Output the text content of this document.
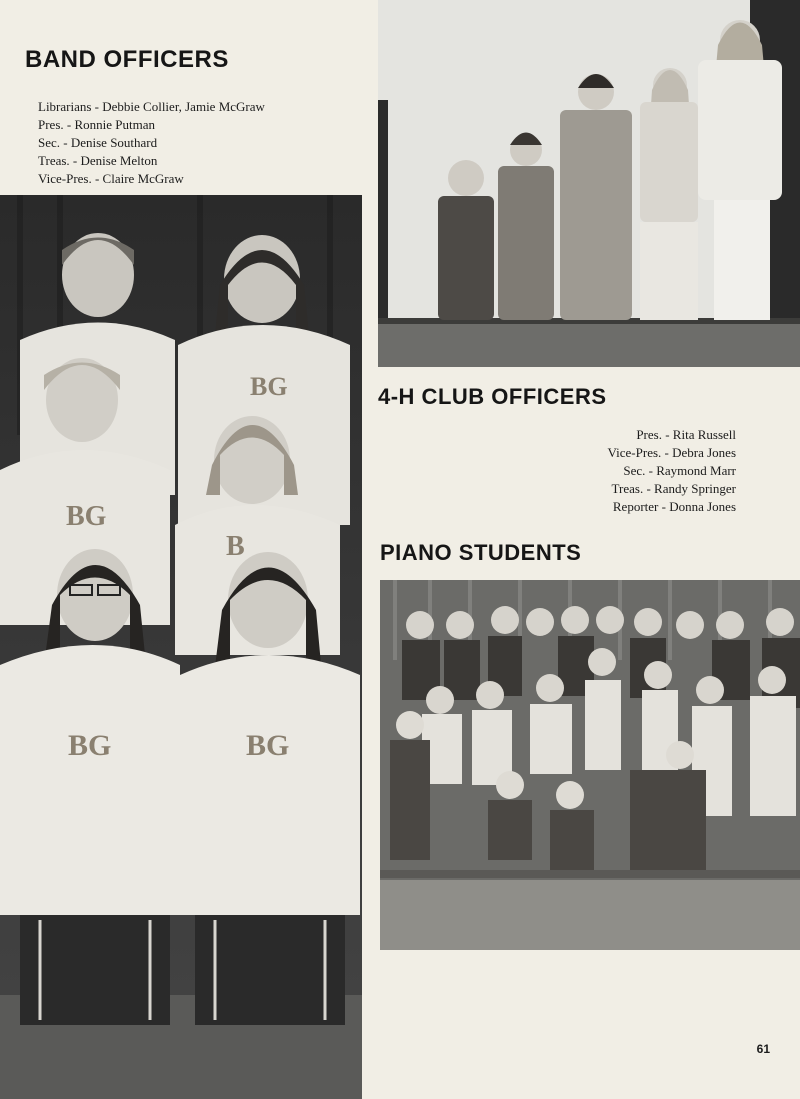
BAND OFFICERS
Librarians - Debbie Collier, Jamie McGraw
Pres. - Ronnie Putman
Sec. - Denise Southard
Treas. - Denise Melton
Vice-Pres. - Claire McGraw
BG
BG
B
BG	BG
4-H CLUB OFFICERS
Pres. - Rita Russell
Vice-Pres. - Debra Jones
Sec. - Raymond Marr
Treas. - Randy Springer
Reporter - Donna Jones
PIANO STUDENTS
61
